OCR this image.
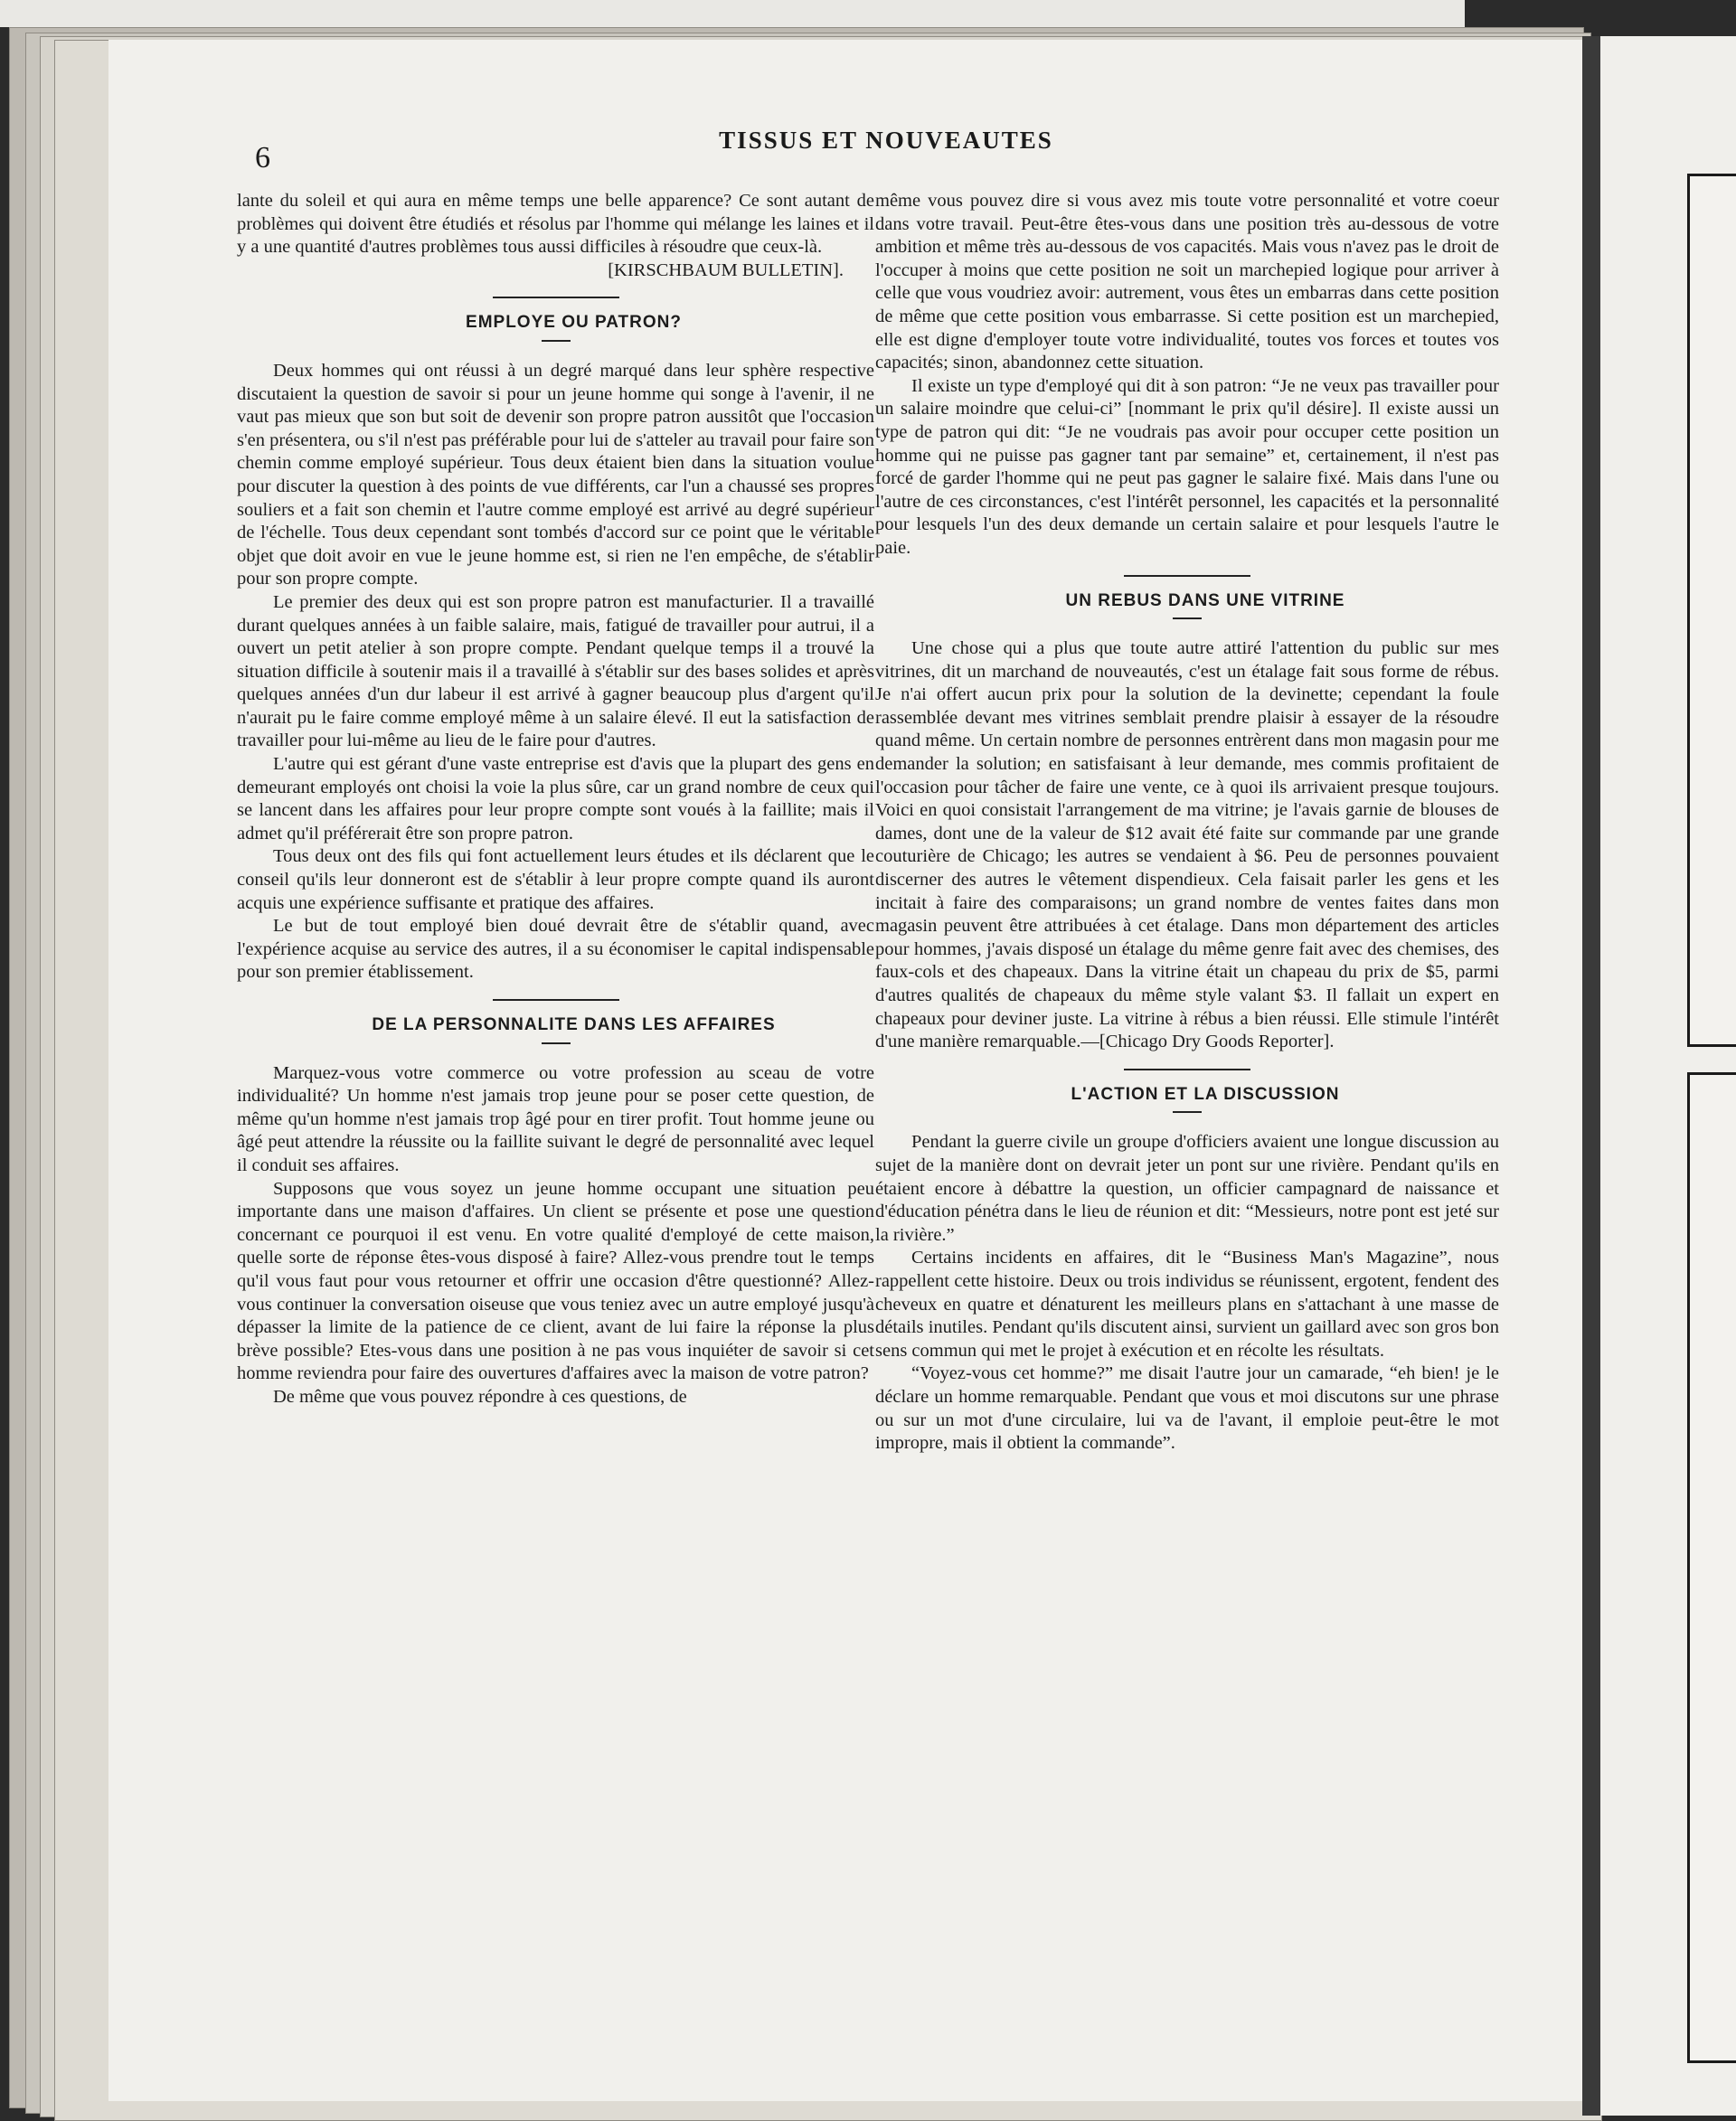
6
TISSUS ET NOUVEAUTES

lante du soleil et qui aura en même temps une belle apparence? Ce sont autant de problèmes qui doivent être étudiés et résolus par l'homme qui mélange les laines et il y a une quantité d'autres problèmes tous aussi difficiles à résoudre que ceux-là.

[KIRSCHBAUM BULLETIN].

EMPLOYE OU PATRON?

Deux hommes qui ont réussi à un degré marqué dans leur sphère respective discutaient la question de savoir si pour un jeune homme qui songe à l'avenir, il ne vaut pas mieux que son but soit de devenir son propre patron aussitôt que l'occasion s'en présentera, ou s'il n'est pas préférable pour lui de s'atteler au travail pour faire son chemin comme employé supérieur. Tous deux étaient bien dans la situation voulue pour discuter la question à des points de vue différents, car l'un a chaussé ses propres souliers et a fait son chemin et l'autre comme employé est arrivé au degré supérieur de l'échelle. Tous deux cependant sont tombés d'accord sur ce point que le véritable objet que doit avoir en vue le jeune homme est, si rien ne l'en empêche, de s'établir pour son propre compte.

Le premier des deux qui est son propre patron est manufacturier. Il a travaillé durant quelques années à un faible salaire, mais, fatigué de travailler pour autrui, il a ouvert un petit atelier à son propre compte. Pendant quelque temps il a trouvé la situation difficile à soutenir mais il a travaillé à s'établir sur des bases solides et après quelques années d'un dur labeur il est arrivé à gagner beaucoup plus d'argent qu'il n'aurait pu le faire comme employé même à un salaire élevé. Il eut la satisfaction de travailler pour lui-même au lieu de le faire pour d'autres.

L'autre qui est gérant d'une vaste entreprise est d'avis que la plupart des gens en demeurant employés ont choisi la voie la plus sûre, car un grand nombre de ceux qui se lancent dans les affaires pour leur propre compte sont voués à la faillite; mais il admet qu'il préférerait être son propre patron.

Tous deux ont des fils qui font actuellement leurs études et ils déclarent que le conseil qu'ils leur donneront est de s'établir à leur propre compte quand ils auront acquis une expérience suffisante et pratique des affaires.

Le but de tout employé bien doué devrait être de s'établir quand, avec l'expérience acquise au service des autres, il a su économiser le capital indispensable pour son premier établissement.

DE LA PERSONNALITE DANS LES AFFAIRES

Marquez-vous votre commerce ou votre profession au sceau de votre individualité? Un homme n'est jamais trop jeune pour se poser cette question, de même qu'un homme n'est jamais trop âgé pour en tirer profit. Tout homme jeune ou âgé peut attendre la réussite ou la faillite suivant le degré de personnalité avec lequel il conduit ses affaires.

Supposons que vous soyez un jeune homme occupant une situation peu importante dans une maison d'affaires. Un client se présente et pose une question concernant ce pourquoi il est venu. En votre qualité d'employé de cette maison, quelle sorte de réponse êtes-vous disposé à faire? Allez-vous prendre tout le temps qu'il vous faut pour vous retourner et offrir une occasion d'être questionné? Allez-vous continuer la conversation oiseuse que vous teniez avec un autre employé jusqu'à dépasser la limite de la patience de ce client, avant de lui faire la réponse la plus brève possible? Etes-vous dans une position à ne pas vous inquiéter de savoir si cet homme reviendra pour faire des ouvertures d'affaires avec la maison de votre patron?

De même que vous pouvez répondre à ces questions, de

même vous pouvez dire si vous avez mis toute votre personnalité et votre coeur dans votre travail. Peut-être êtes-vous dans une position très au-dessous de votre ambition et même très au-dessous de vos capacités. Mais vous n'avez pas le droit de l'occuper à moins que cette position ne soit un marchepied logique pour arriver à celle que vous voudriez avoir: autrement, vous êtes un embarras dans cette position de même que cette position vous embarrasse. Si cette position est un marchepied, elle est digne d'employer toute votre individualité, toutes vos forces et toutes vos capacités; sinon, abandonnez cette situation.

Il existe un type d'employé qui dit à son patron: “Je ne veux pas travailler pour un salaire moindre que celui-ci” [nommant le prix qu'il désire]. Il existe aussi un type de patron qui dit: “Je ne voudrais pas avoir pour occuper cette position un homme qui ne puisse pas gagner tant par semaine” et, certainement, il n'est pas forcé de garder l'homme qui ne peut pas gagner le salaire fixé. Mais dans l'une ou l'autre de ces circonstances, c'est l'intérêt personnel, les capacités et la personnalité pour lesquels l'un des deux demande un certain salaire et pour lesquels l'autre le paie.

UN REBUS DANS UNE VITRINE

Une chose qui a plus que toute autre attiré l'attention du public sur mes vitrines, dit un marchand de nouveautés, c'est un étalage fait sous forme de rébus. Je n'ai offert aucun prix pour la solution de la devinette; cependant la foule rassemblée devant mes vitrines semblait prendre plaisir à essayer de la résoudre quand même. Un certain nombre de personnes entrèrent dans mon magasin pour me demander la solution; en satisfaisant à leur demande, mes commis profitaient de l'occasion pour tâcher de faire une vente, ce à quoi ils arrivaient presque toujours. Voici en quoi consistait l'arrangement de ma vitrine; je l'avais garnie de blouses de dames, dont une de la valeur de $12 avait été faite sur commande par une grande couturière de Chicago; les autres se vendaient à $6. Peu de personnes pouvaient discerner des autres le vêtement dispendieux. Cela faisait parler les gens et les incitait à faire des comparaisons; un grand nombre de ventes faites dans mon magasin peuvent être attribuées à cet étalage. Dans mon département des articles pour hommes, j'avais disposé un étalage du même genre fait avec des chemises, des faux-cols et des chapeaux. Dans la vitrine était un chapeau du prix de $5, parmi d'autres qualités de chapeaux du même style valant $3. Il fallait un expert en chapeaux pour deviner juste. La vitrine à rébus a bien réussi. Elle stimule l'intérêt d'une manière remarquable.—[Chicago Dry Goods Reporter].

L'ACTION ET LA DISCUSSION

Pendant la guerre civile un groupe d'officiers avaient une longue discussion au sujet de la manière dont on devrait jeter un pont sur une rivière. Pendant qu'ils en étaient encore à débattre la question, un officier campagnard de naissance et d'éducation pénétra dans le lieu de réunion et dit: “Messieurs, notre pont est jeté sur la rivière.”

Certains incidents en affaires, dit le “Business Man's Magazine”, nous rappellent cette histoire. Deux ou trois individus se réunissent, ergotent, fendent des cheveux en quatre et dénaturent les meilleurs plans en s'attachant à une masse de détails inutiles. Pendant qu'ils discutent ainsi, survient un gaillard avec son gros bon sens commun qui met le projet à exécution et en récolte les résultats.

“Voyez-vous cet homme?” me disait l'autre jour un camarade, “eh bien! je le déclare un homme remarquable. Pendant que vous et moi discutons sur une phrase ou sur un mot d'une circulaire, lui va de l'avant, il emploie peut-être le mot impropre, mais il obtient la commande”.
